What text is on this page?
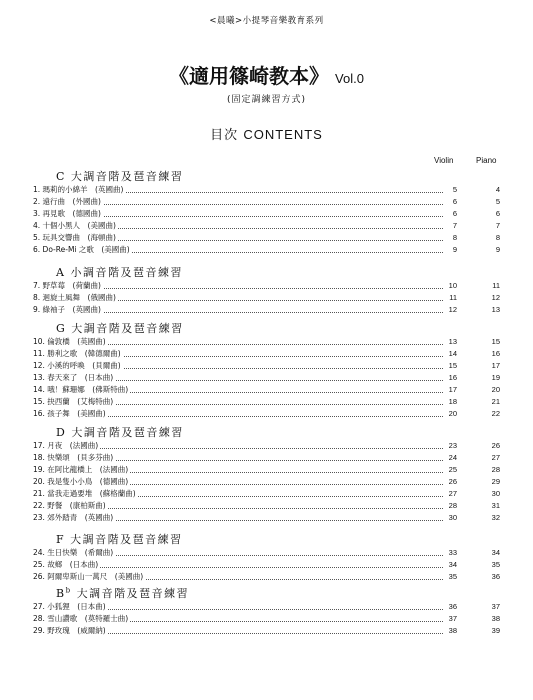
<晨曦>小提琴音樂教育系列
《適用篠崎教本》 Vol.0
(固定調練習方式)
目次 CONTENTS
Violin	Piano
C 大調音階及琶音練習
1. 瑪莉的小綿羊　(英國曲)	5	4
2. 遠行曲　(外國曲)	6	5
3. 再見歌　(德國曲)	6	6
4. 十個小黑人　(美國曲)	7	7
5. 玩具交響曲　(海頓曲)	8	8
6. Do-Re-Mi 之歌　(美國曲)	9	9
A 小調音階及琶音練習
7. 野草莓　(荷蘭曲)	10	11
8. 迴旋土風舞　(俄國曲)	11	12
9. 綠袖子　(英國曲)	12	13
G 大調音階及琶音練習
10. 倫敦橋　(英國曲)	13	15
11. 勝利之歌　(韓德爾曲)	14	16
12. 小溪的呼喚　(貝爾曲)	15	17
13. 春天來了　(日本曲)	16	19
14. 哦！蘇珊娜　(佛斯特曲)	17	20
15. 抉西蘭　(艾梅特曲)	18	21
16. 孩子舞　(美國曲)	20	22
D 大調音階及琶音練習
17. 月夜　(法國曲)	23	26
18. 快樂頌　(貝多芬曲)	24	27
19. 在阿比龍橋上　(法國曲)	25	28
20. 我是隻小小鳥　(德國曲)	26	29
21. 當我走過要堆　(蘇格蘭曲)	27	30
22. 野餐　(康柏斯曲)	28	31
23. 郊外踏青　(英國曲)	30	32
F 大調音階及琶音練習
24. 生日快樂　(希爾曲)	33	34
25. 故鄉　(日本曲)	34	35
26. 阿爾卑斯山一萬尺　(美國曲)	35	36
$B^b$ 大調音階及琶音練習
27. 小狐狸　(日本曲)	36	37
28. 雪山讚歌　(莫特羅士曲)	37	38
29. 野玫瑰　(威爾納)	38	39
